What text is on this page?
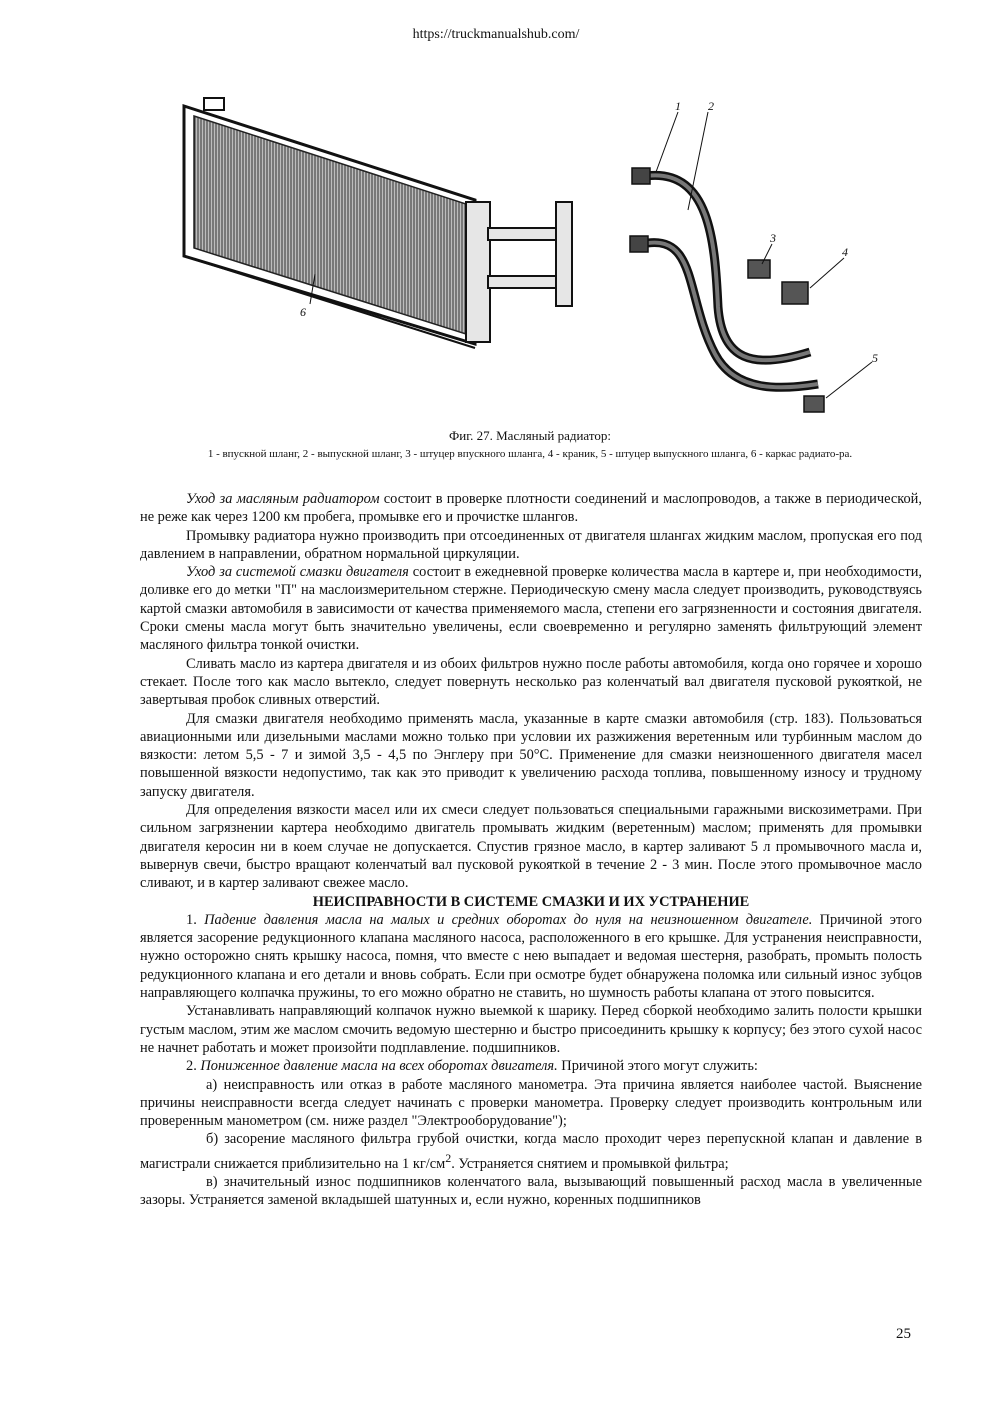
https://truckmanualshub.com/
1 2
3
4
5
6

Фиг. 27. Масляный радиатор:

1 - впускной шланг, 2 - выпускной шланг, 3 - штуцер впускного шланга, 4 - краник, 5 - штуцер выпускного шланга, 6 - каркас радиато-ра.

Уход за масляным радиатором состоит в проверке плотности соединений и маслопроводов, а также в периодической, не реже как через 1200 км пробега, промывке его и прочистке шлангов.

Промывку радиатора нужно производить при отсоединенных от двигателя шлангах жидким маслом, пропуская его под давлением в направлении, обратном нормальной циркуляции.

Уход за системой смазки двигателя состоит в ежедневной проверке количества масла в картере и, при необходимости, доливке его до метки "П" на маслоизмерительном стержне. Периодическую смену масла следует производить, руководствуясь картой смазки автомобиля в зависимости от качества применяемого масла, степени его загрязненности и состояния двигателя. Сроки смены масла могут быть значительно увеличены, если своевременно и регулярно заменять фильтрующий элемент масляного фильтра тонкой очистки.

Сливать масло из картера двигателя и из обоих фильтров нужно после работы автомобиля, когда оно горячее и хорошо стекает. После того как масло вытекло, следует повернуть несколько раз коленчатый вал двигателя пусковой рукояткой, не завертывая пробок сливных отверстий.

Для смазки двигателя необходимо применять масла, указанные в карте смазки автомобиля (стр. 183). Пользоваться авиационными или дизельными маслами можно только при условии их разжижения веретенным или турбинным маслом до вязкости: летом 5,5 - 7 и зимой 3,5 - 4,5 по Энглеру при 50°С. Применение для смазки неизношенного двигателя масел повышенной вязкости недопустимо, так как это приводит к увеличению расхода топлива, повышенному износу и трудному запуску двигателя.

Для определения вязкости масел или их смеси следует пользоваться специальными гаражными вискозиметрами. При сильном загрязнении картера необходимо двигатель промывать жидким (веретенным) маслом; применять для промывки двигателя керосин ни в коем случае не допускается. Спустив грязное масло, в картер заливают 5 л промывочного масла и, вывернув свечи, быстро вращают коленчатый вал пусковой рукояткой в течение 2 - 3 мин. После этого промывочное масло сливают, и в картер заливают свежее масло.

НЕИСПРАВНОСТИ В СИСТЕМЕ СМАЗКИ И ИХ УСТРАНЕНИЕ

1. Падение давления масла на малых и средних оборотах до нуля на неизношенном двигателе. Причиной этого является засорение редукционного клапана масляного насоса, расположенного в его крышке. Для устранения неисправности, нужно осторожно снять крышку насоса, помня, что вместе с нею выпадает и ведомая шестерня, разобрать, промыть полость редукционного клапана и его детали и вновь собрать. Если при осмотре будет обнаружена поломка или сильный износ зубцов направляющего колпачка пружины, то его можно обратно не ставить, но шумность работы клапана от этого повысится.

Устанавливать направляющий колпачок нужно выемкой к шарику. Перед сборкой необходимо залить полости крышки густым маслом, этим же маслом смочить ведомую шестерню и быстро присоединить крышку к корпусу; без этого сухой насос не начнет работать и может произойти подплавление. подшипников.

2. Пониженное давление масла на всех оборотах двигателя. Причиной этого могут служить:

а) неисправность или отказ в работе масляного манометра. Эта причина является наиболее частой. Выяснение причины неисправности всегда следует начинать с проверки манометра. Проверку следует производить контрольным или проверенным манометром (см. ниже раздел "Электрооборудование");

б) засорение масляного фильтра грубой очистки, когда масло проходит через перепускной клапан и давление в магистрали снижается приблизительно на 1 $кг/см^2$. Устраняется снятием и промывкой фильтра;

в) значительный износ подшипников коленчатого вала, вызывающий повышенный расход масла в увеличенные зазоры. Устраняется заменой вкладышей шатунных и, если нужно, коренных подшипников

25
